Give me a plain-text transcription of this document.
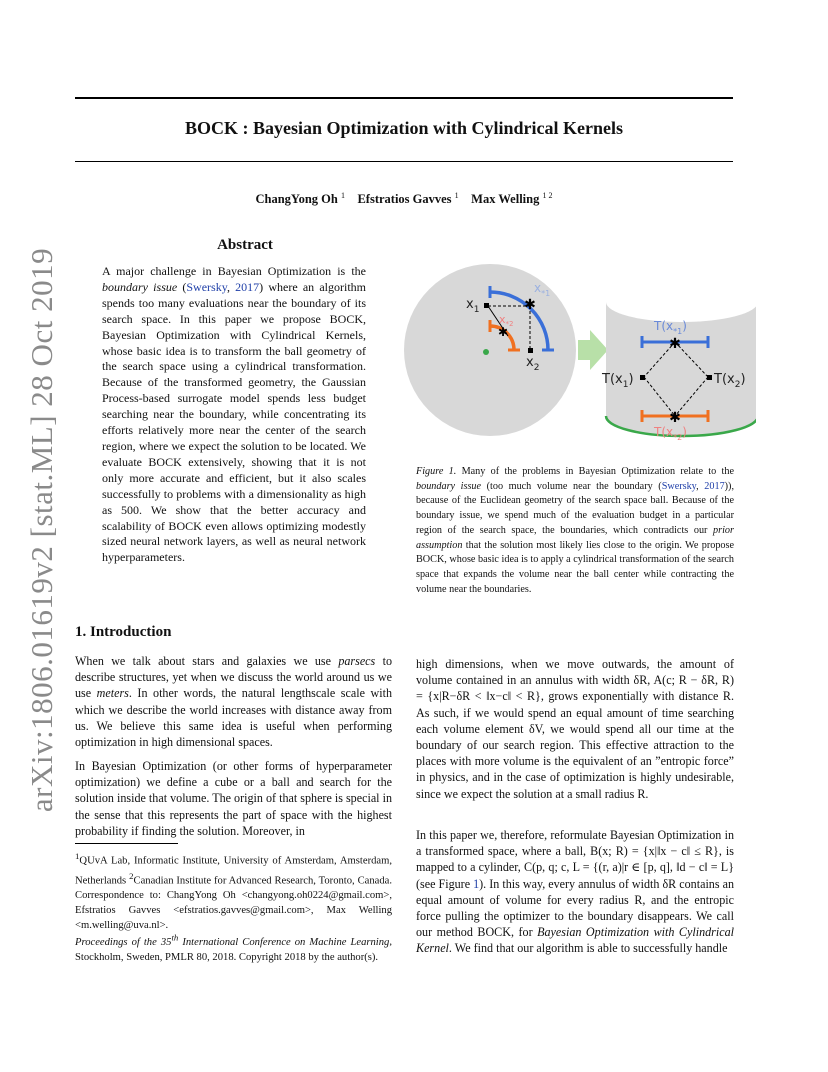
arXiv:1806.01619v2 [stat.ML] 28 Oct 2019
BOCK : Bayesian Optimization with Cylindrical Kernels
ChangYong Oh $^1$ Efstratios Gavves $^1$ Max Welling $^{1 2}$
Abstract
A major challenge in Bayesian Optimization is the boundary issue (Swersky, 2017) where an algorithm spends too many evaluations near the boundary of its search space. In this paper we propose BOCK, Bayesian Optimization with Cylindrical Kernels, whose basic idea is to transform the ball geometry of the search space using a cylindrical transformation. Because of the transformed geometry, the Gaussian Process-based surrogate model spends less budget searching near the boundary, while concentrating its efforts relatively more near the center of the search region, where we expect the solution to be located. We evaluate BOCK extensively, showing that it is not only more accurate and efficient, but it also scales successfully to problems with a dimensionality as high as 500. We show that the better accuracy and scalability of BOCK even allows optimizing modestly sized neural network layers, as well as neural network hyperparameters.
✱
✱
$x_1$
$x_2$
$x_{*1}$
$x_{*2}$
✱
✱
$T(x_{*1})$
$T(x_1)$	$T(x_2)$
$T(x_{*2})$
Figure 1. Many of the problems in Bayesian Optimization relate to the boundary issue (too much volume near the boundary (Swersky, 2017)), because of the Euclidean geometry of the search space ball. Because of the boundary issue, we spend much of the evaluation budget in a particular region of the search space, the boundaries, which contradicts our prior assumption that the solution most likely lies close to the origin. We propose BOCK, whose basic idea is to apply a cylindrical transformation of the search space that expands the volume near the ball center while contracting the volume near the boundaries.
1. Introduction
When we talk about stars and galaxies we use parsecs to describe structures, yet when we discuss the world around us we use meters. In other words, the natural lengthscale scale with which we describe the world increases with distance away from us. We believe this same idea is useful when performing optimization in high dimensional spaces.
In Bayesian Optimization (or other forms of hyperparameter optimization) we define a cube or a ball and search for the solution inside that volume. The origin of that sphere is special in the sense that this represents the part of space with the highest probability if finding the solution. Moreover, in
$^1$QUvA Lab, Informatic Institute, University of Amsterdam, Amsterdam, Netherlands $^2$Canadian Institute for Advanced Research, Toronto, Canada. Correspondence to: ChangYong Oh <changyong.oh0224@gmail.com>, Efstratios Gavves <efstratios.gavves@gmail.com>, Max Welling <m.welling@uva.nl>.
Proceedings of the 35th International Conference on Machine Learning, Stockholm, Sweden, PMLR 80, 2018. Copyright 2018 by the author(s).
high dimensions, when we move outwards, the amount of volume contained in an annulus with width δR, A(c; R − δR, R) = {x|R−δR < ‖x−c‖ < R}, grows exponentially with distance R. As such, if we would spend an equal amount of time searching each volume element δV, we would spend all our time at the boundary of our search region. This effective attraction to the places with more volume is the equivalent of an ”entropic force” in physics, and in the case of optimization is highly undesirable, since we expect the solution at a small radius R.
In this paper we, therefore, reformulate Bayesian Optimization in a transformed space, where a ball, B(x; R) = {x|‖x − c‖ ≤ R}, is mapped to a cylinder, C(p, q; c, L = {(r, a)|r ∈ [p, q], ‖d − c‖ = L} (see Figure 1). In this way, every annulus of width δR contains an equal amount of volume for every radius R, and the entropic force pulling the optimizer to the boundary disappears. We call our method BOCK, for Bayesian Optimization with Cylindrical Kernel. We find that our algorithm is able to successfully handle
